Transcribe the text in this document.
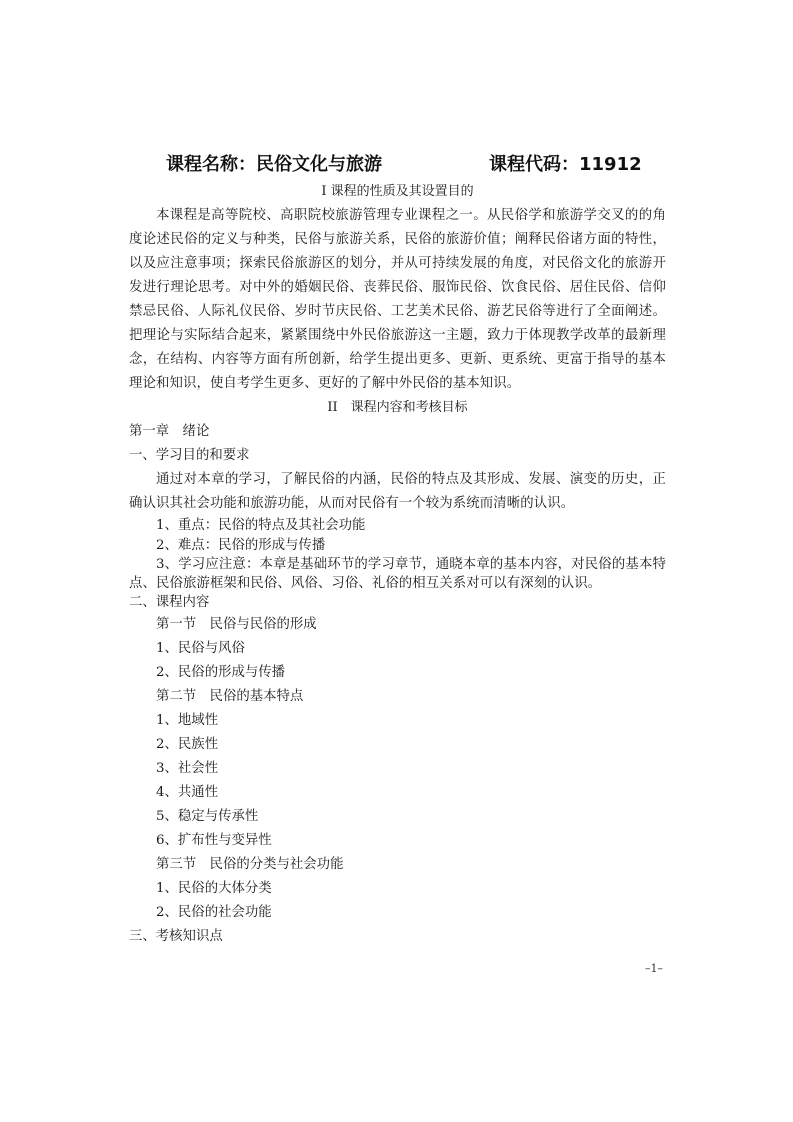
课程名称：民俗文化与旅游	课程代码：11912
I 课程的性质及其设置目的

本课程是高等院校、高职院校旅游管理专业课程之一。从民俗学和旅游学交叉的的角度论述民俗的定义与种类，民俗与旅游关系，民俗的旅游价值；阐释民俗诸方面的特性，以及应注意事项；探索民俗旅游区的划分，并从可持续发展的角度，对民俗文化的旅游开发进行理论思考。对中外的婚姻民俗、丧葬民俗、服饰民俗、饮食民俗、居住民俗、信仰禁忌民俗、人际礼仪民俗、岁时节庆民俗、工艺美术民俗、游艺民俗等进行了全面阐述。把理论与实际结合起来，紧紧围绕中外民俗旅游这一主题，致力于体现教学改革的最新理念，在结构、内容等方面有所创新，给学生提出更多、更新、更系统、更富于指导的基本理论和知识，使自考学生更多、更好的了解中外民俗的基本知识。

II　课程内容和考核目标
第一章　绪论
一、学习目的和要求

通过对本章的学习，了解民俗的内涵，民俗的特点及其形成、发展、演变的历史，正确认识其社会功能和旅游功能，从而对民俗有一个较为系统而清晰的认识。

1、重点：民俗的特点及其社会功能
2、难点：民俗的形成与传播

3、学习应注意：本章是基础环节的学习章节，通晓本章的基本内容，对民俗的基本特点、民俗旅游框架和民俗、风俗、习俗、礼俗的相互关系对可以有深刻的认识。

二、课程内容
第一节　民俗与民俗的形成
1、民俗与风俗
2、民俗的形成与传播
第二节　民俗的基本特点
1、地域性
2、民族性
3、社会性
4、共通性
5、稳定与传承性
6、扩布性与变异性
第三节　民俗的分类与社会功能
1、民俗的大体分类
2、民俗的社会功能
三、考核知识点
–1–
